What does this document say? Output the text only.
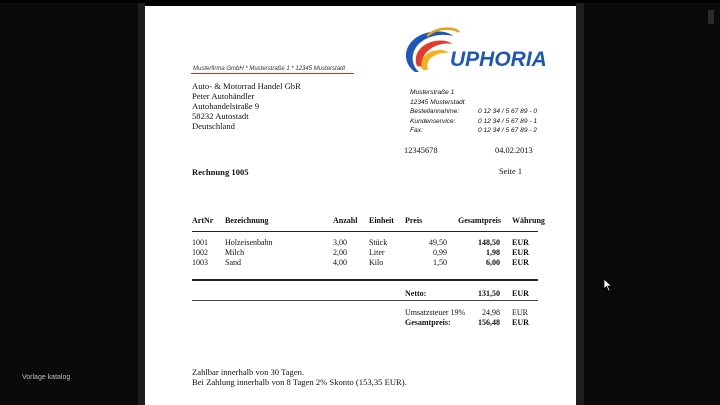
Vorlage katalog
Musterfirma GmbH * Musterstraße 1 * 12345 Musterstadt	UPHORIA
Auto- & Motorrad Handel GbR
Peter Autohändler
Autohandelstraße 9
58232 Autostadt
Deutschland
Musterstraße 1
12345 Musterstadt
Bestellannahme:	0 12 34 / 5 67 89 - 0
Kundenservice:	0 12 34 / 5 67 89 - 1
Fax:	0 12 34 / 5 67 89 - 2
12345678	04.02.2013
Rechnung 1005	Seite 1
ArtNr Bezeichnung	Anzahl Einheit Preis	Gesamtpreis Währung
1001 Holzeisenbahn	3,00	Stück	49,50	148,50 EUR
1002 Milch	2,00	Liter	0,99	1,98 EUR
1003 Sand	4,00	Kilo	1,50	6,00 EUR
Netto:	131,50 EUR
Umsatzsteuer 19% 24,98 EUR
Gesamtpreis:	156,48 EUR
Zahlbar innerhalb von 30 Tagen.
Bei Zahlung innerhalb von 8 Tagen 2% Skonto (153,35 EUR).
